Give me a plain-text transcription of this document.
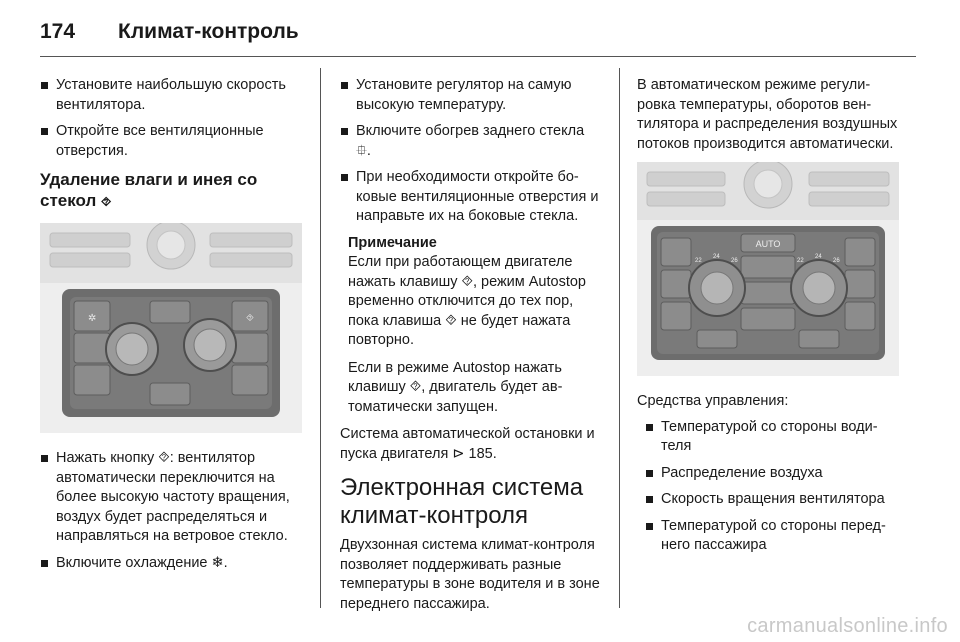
174 Климат-контроль
Установите наибольшую скорость вентилятора.
Откройте все вентиляционные отверстия.
Удаление влаги и инея со стекол ⯑
✲	⯑
Нажать кнопку ⯑: вентилятор автоматически переключится на более высокую частоту вращения, воздух будет распределяться и направляться на ветровое стекло.
Включите охлаждение ❄.
Установите регулятор на самую высокую температуру.
Включите обогрев заднего стекла ⯐.
При необходимости откройте боковые вентиляционные отверстия и направьте их на боковые стекла.
Примечание

Если при работающем двигателе нажать клавишу ⯑, режим Autostop временно отключится до тех пор, пока клавиша ⯑ не будет нажата повторно.

Если в режиме Autostop нажать клавишу ⯑, двигатель будет автоматически запущен.

Система автоматической остановки и пуска двигателя ⊳ 185.

Электронная система климат-контроля

Двухзонная система климат-контроля позволяет поддерживать разные температуры в зоне водителя и в зоне переднего пассажира.

В автоматическом режиме регулировка температуры, оборотов вентилятора и распределения воздушных потоков производится автоматически.

AUTO
22
24
26	22
24
26

Средства управления:

Температурой со стороны водителя
Распределение воздуха
Скорость вращения вентилятора
Температурой со стороны переднего пассажира
carmanualsonline.info
